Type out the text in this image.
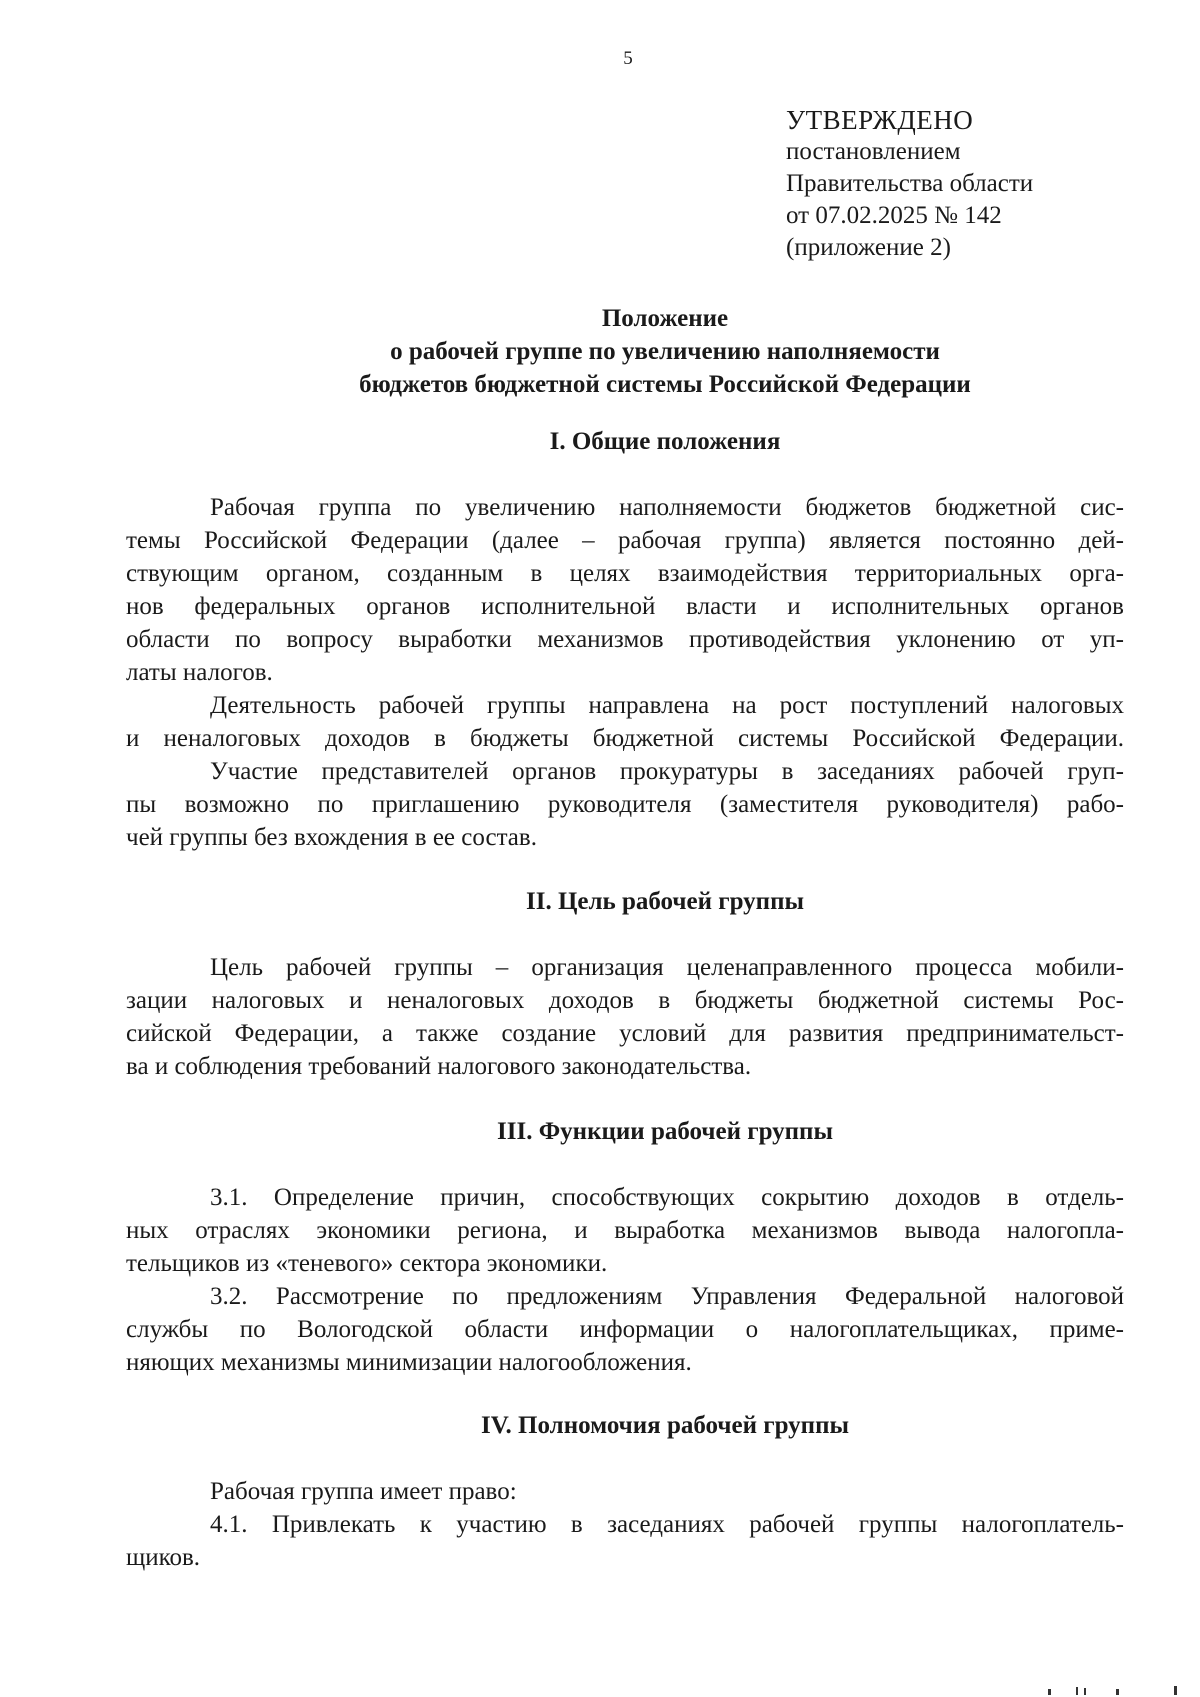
5
УТВЕРЖДЕНО
постановлением
Правительства области
от 07.02.2025 № 142
(приложение 2)
Положение
о рабочей группе по увеличению наполняемости
бюджетов бюджетной системы Российской Федерации
I. Общие положения
Рабочая группа по увеличению наполняемости бюджетов бюджетной сис-
темы Российской Федерации (далее – рабочая группа) является постоянно дей-
ствующим органом, созданным в целях взаимодействия территориальных орга-
нов федеральных органов исполнительной власти и исполнительных органов
области по вопросу выработки механизмов противодействия уклонению от уп-
латы налогов.
Деятельность рабочей группы направлена на рост поступлений налоговых
и неналоговых доходов в бюджеты бюджетной системы Российской Федерации.
Участие представителей органов прокуратуры в заседаниях рабочей груп-
пы возможно по приглашению руководителя (заместителя руководителя) рабо-
чей группы без вхождения в ее состав.
II. Цель рабочей группы
Цель рабочей группы – организация целенаправленного процесса мобили-
зации налоговых и неналоговых доходов в бюджеты бюджетной системы Рос-
сийской Федерации, а также создание условий для развития предпринимательст-
ва и соблюдения требований налогового законодательства.
III. Функции рабочей группы
3.1. Определение причин, способствующих сокрытию доходов в отдель-
ных отраслях экономики региона, и выработка механизмов вывода налогопла-
тельщиков из «теневого» сектора экономики.
3.2. Рассмотрение по предложениям Управления Федеральной налоговой
службы по Вологодской области информации о налогоплательщиках, приме-
няющих механизмы минимизации налогообложения.
IV. Полномочия рабочей группы
Рабочая группа имеет право:
4.1. Привлекать к участию в заседаниях рабочей группы налогоплатель-
щиков.
